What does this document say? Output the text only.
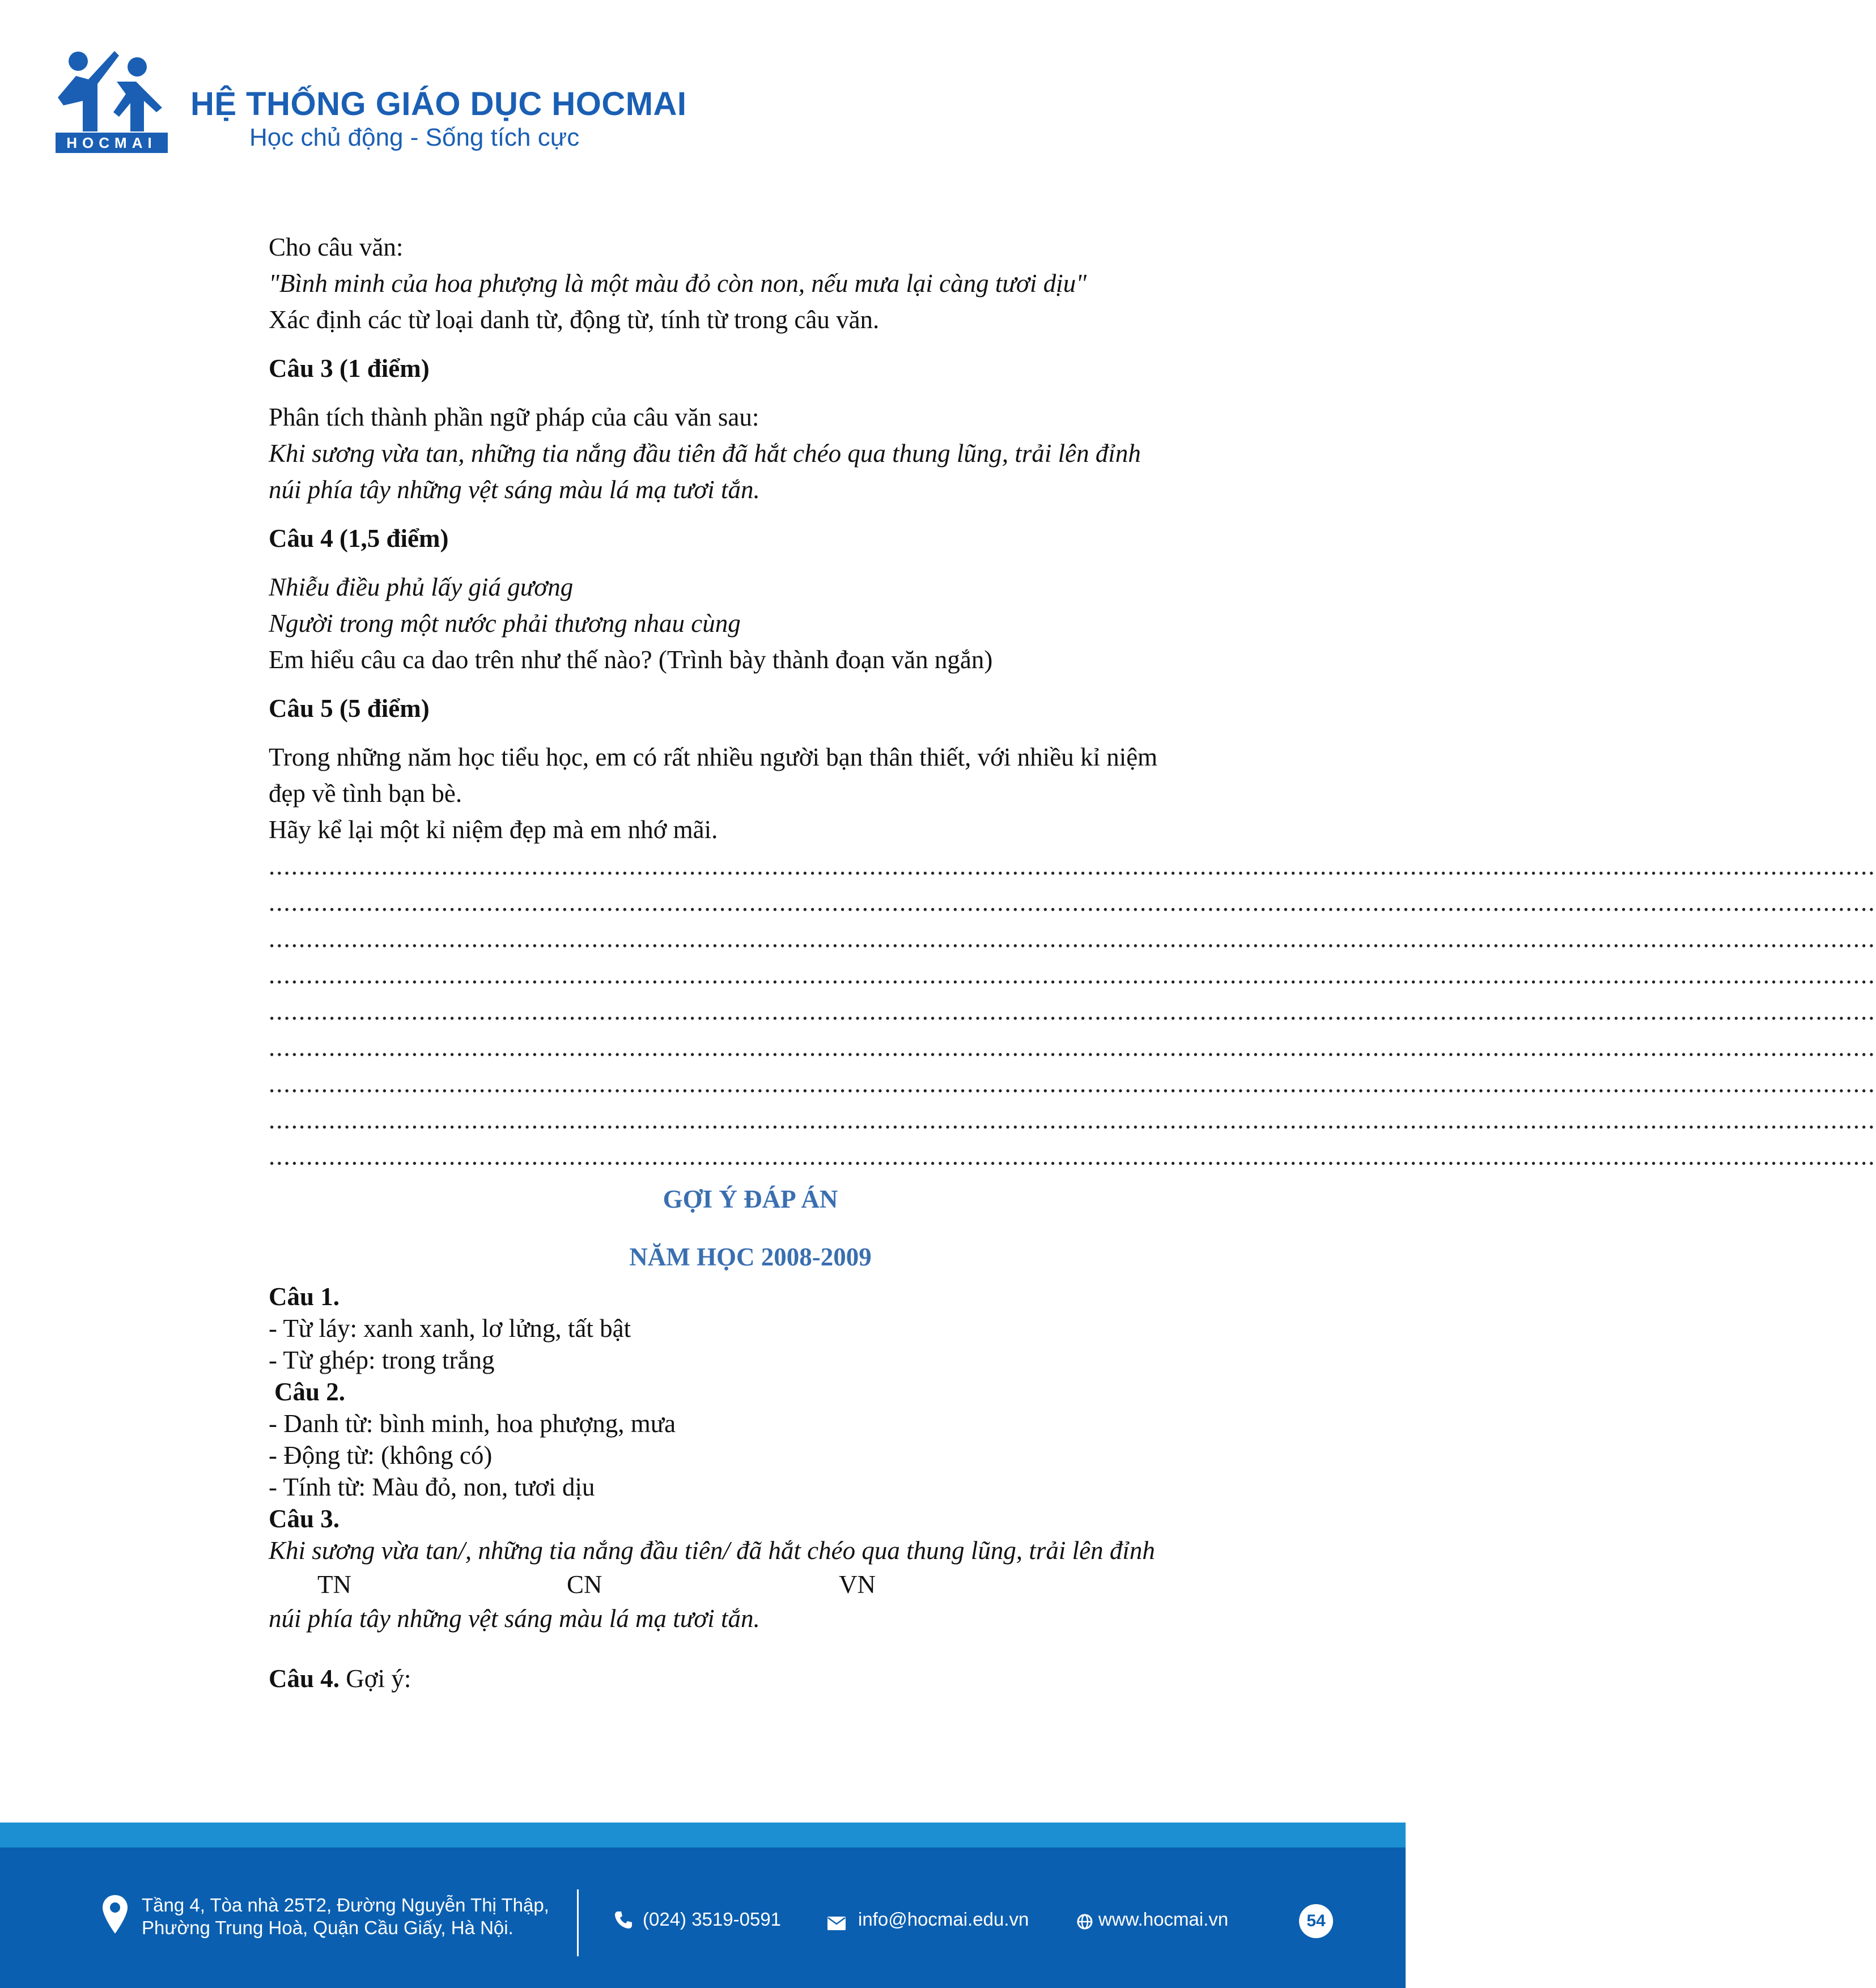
HOCMAI
HỆ THỐNG GIÁO DỤC HOCMAI
Học chủ động - Sống tích cực

Cho câu văn:

"Bình minh của hoa phượng là một màu đỏ còn non, nếu mưa lại càng tươi dịu"

Xác định các từ loại danh từ, động từ, tính từ trong câu văn.

Câu 3 (1 điểm)

Phân tích thành phần ngữ pháp của câu văn sau:

Khi sương vừa tan, những tia nắng đầu tiên đã hắt chéo qua thung lũng, trải lên đỉnh

núi phía tây những vệt sáng màu lá mạ tươi tắn.

Câu 4 (1,5 điểm)

Nhiễu điều phủ lấy giá gương

Người trong một nước phải thương nhau cùng

Em hiểu câu ca dao trên như thế nào? (Trình bày thành đoạn văn ngắn)

Câu 5 (5 điểm)

Trong những năm học tiểu học, em có rất nhiều người bạn thân thiết, với nhiều kỉ niệm

đẹp về tình bạn bè.

Hãy kể lại một kỉ niệm đẹp mà em nhớ mãi.

......................................................................................................................................................................................................................
......................................................................................................................................................................................................................
......................................................................................................................................................................................................................
......................................................................................................................................................................................................................
......................................................................................................................................................................................................................
......................................................................................................................................................................................................................
......................................................................................................................................................................................................................
......................................................................................................................................................................................................................
......................................................................................................................................................................................................................

GỢI Ý ĐÁP ÁN

NĂM HỌC 2008-2009

Câu 1.

- Từ láy: xanh xanh, lơ lửng, tất bật

- Từ ghép: trong trắng

Câu 2.

- Danh từ: bình minh, hoa phượng, mưa

- Động từ: (không có)

- Tính từ: Màu đỏ, non, tươi dịu

Câu 3.

Khi sương vừa tan/, những tia nắng đầu tiên/ đã hắt chéo qua thung lũng, trải lên đỉnh

TN	CN	VN

núi phía tây những vệt sáng màu lá mạ tươi tắn.

Câu 4. Gợi ý:

Tầng 4, Tòa nhà 25T2, Đường Nguyễn Thị Thập,
Phường Trung Hoà, Quận Cầu Giấy, Hà Nội.	(024) 3519-0591	info@hocmai.edu.vn	www.hocmai.vn	54
